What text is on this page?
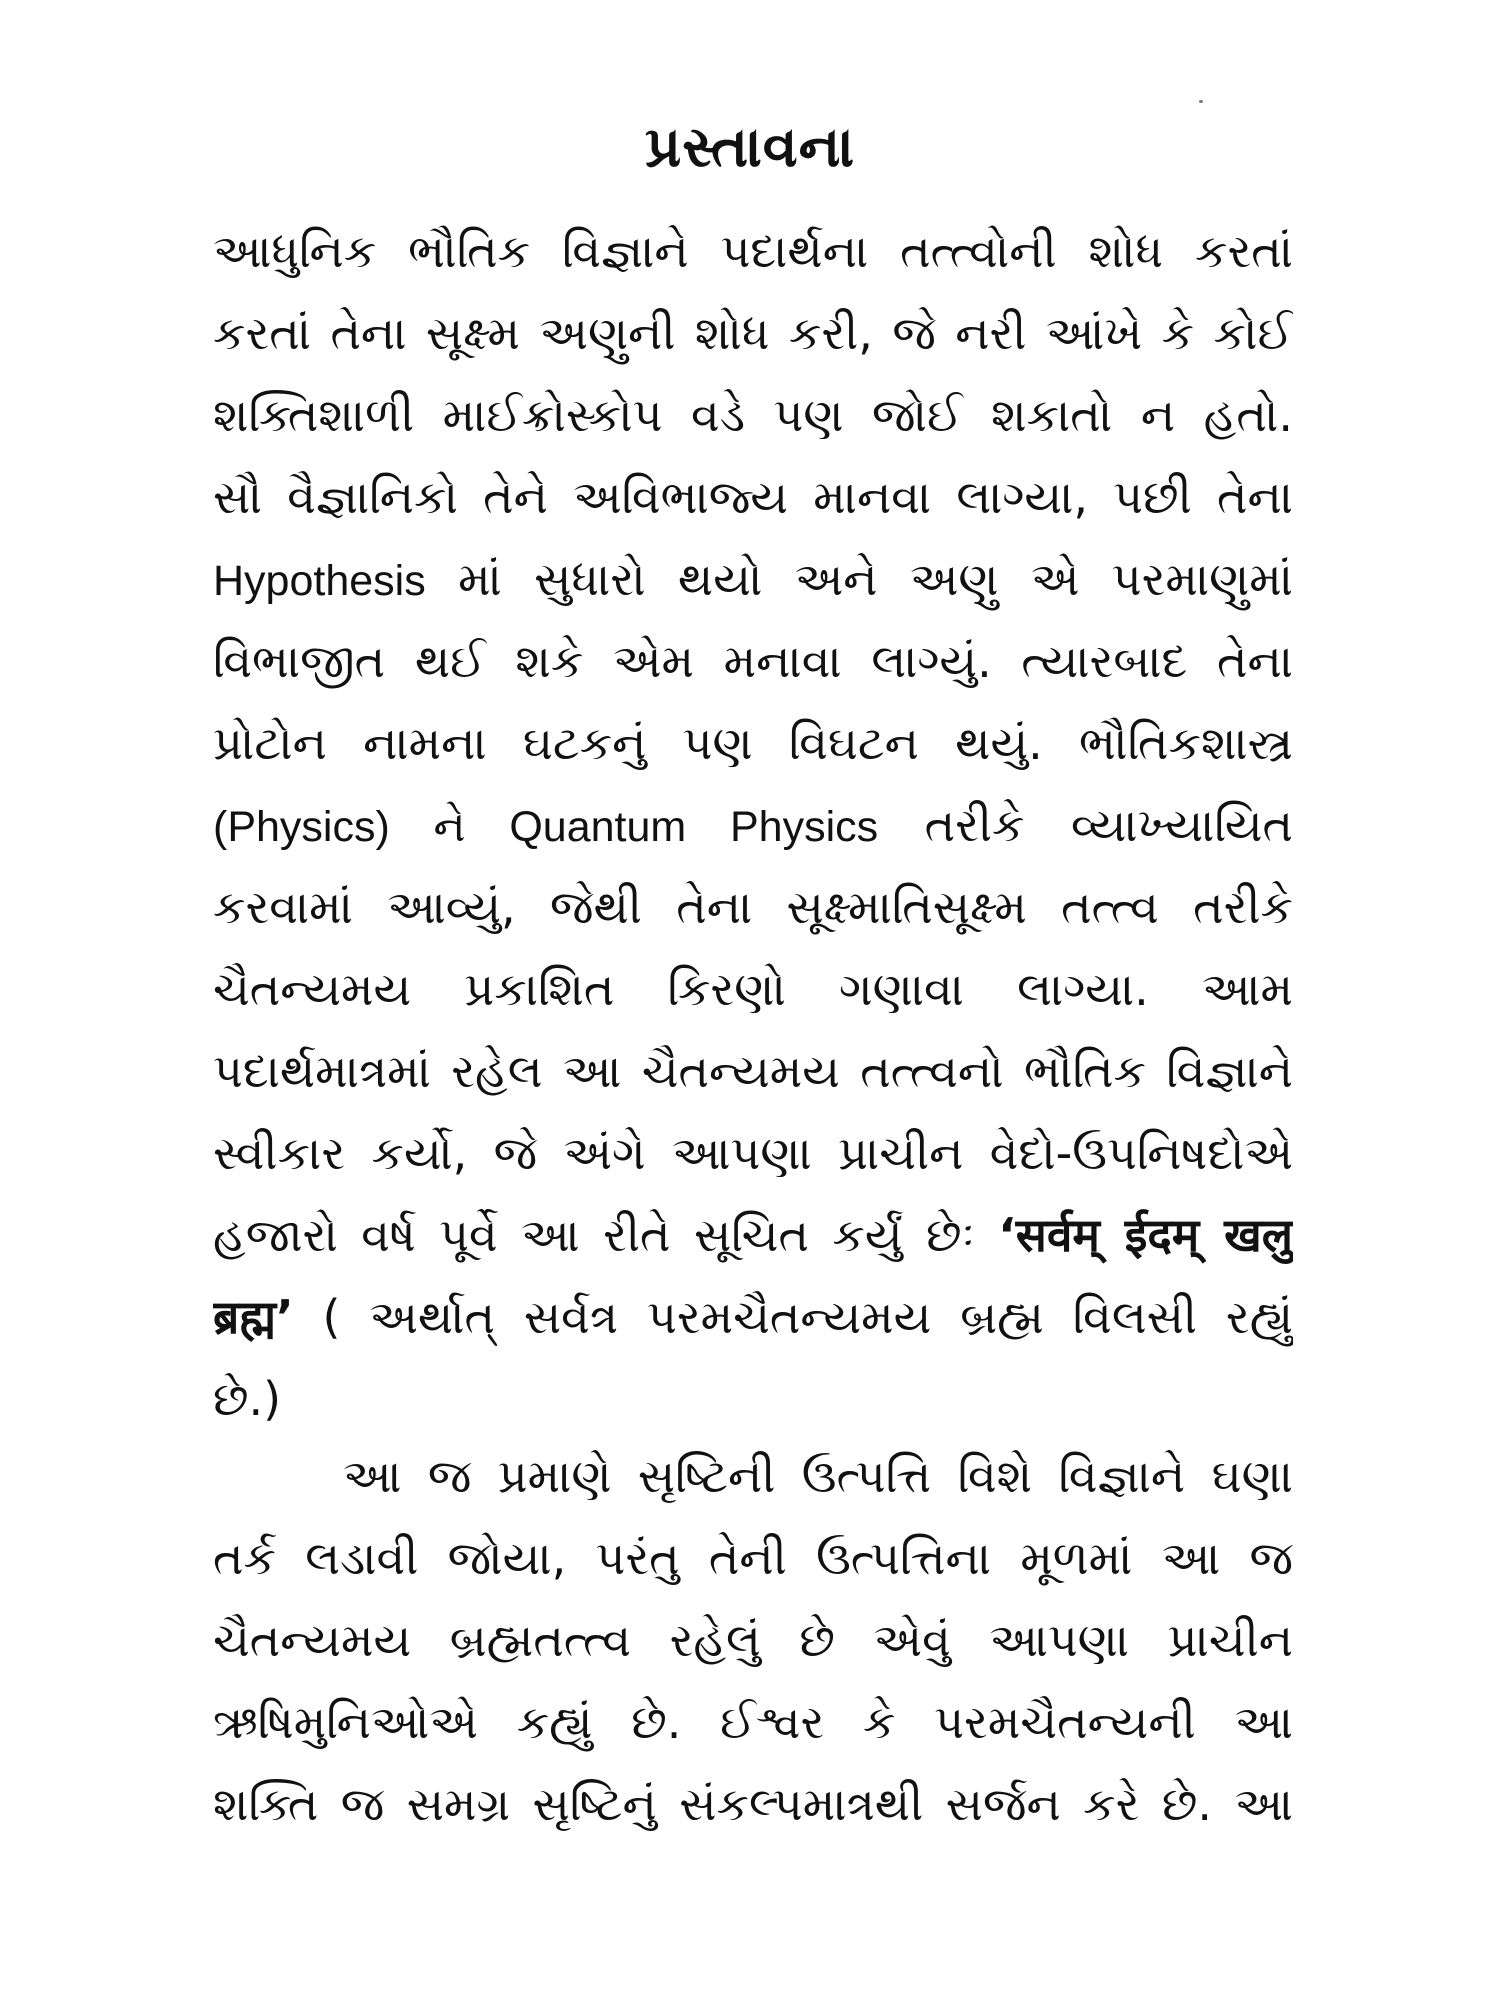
પ્રસ્તાવના

આધુનિક ભૌતિક વિજ્ઞાને પદાર્થના તત્ત્વોની શોધ કરતાં

કરતાં તેના સૂક્ષ્મ અણુની શોધ કરી, જે નરી આંખે કે કોઈ

શક્તિશાળી માઈક્રોસ્કોપ વડે પણ જોઈ શકાતો ન હતો.

સૌ વૈજ્ઞાનિકો તેને અવિભાજ્ય માનવા લાગ્યા, પછી તેના

Hypothesis માં સુધારો થયો અને અણુ એ પરમાણુમાં

વિભાજીત થઈ શકે એમ મનાવા લાગ્યું. ત્યારબાદ તેના

પ્રોટોન નામના ઘટકનું પણ વિઘટન થયું. ભૌતિકશાસ્ત્ર

(Physics) ને Quantum Physics તરીકે વ્યાખ્યાયિત

કરવામાં આવ્યું, જેથી તેના સૂક્ષ્માતિસૂક્ષ્મ તત્ત્વ તરીકે

ચૈતન્યમય પ્રકાશિત કિરણો ગણાવા લાગ્યા. આમ

પદાર્થમાત્રમાં રહેલ આ ચૈતન્યમય તત્ત્વનો ભૌતિક વિજ્ઞાને

સ્વીકાર કર્યો, જે અંગે આપણા પ્રાચીન વેદો-ઉપનિષદોએ

હજારો વર્ષ પૂર્વે આ રીતે સૂચિત કર્યું છેઃ ‘सर्वम् ईदम् खलु

ब्रह्म’ ( અર્થાત્ સર્વત્ર પરમચૈતન્યમય બ્રહ્મ વિલસી રહ્યું

છે.)

આ જ પ્રમાણે સૃષ્ટિની ઉત્પત્તિ વિશે વિજ્ઞાને ઘણા

તર્ક લડાવી જોયા, પરંતુ તેની ઉત્પત્તિના મૂળમાં આ જ

ચૈતન્યમય બ્રહ્મતત્ત્વ રહેલું છે એવું આપણા પ્રાચીન

ઋષિમુનિઓએ કહ્યું છે. ઈશ્વર કે પરમચૈતન્યની આ

શક્તિ જ સમગ્ર સૃષ્ટિનું સંકલ્પમાત્રથી સર્જન કરે છે. આ
